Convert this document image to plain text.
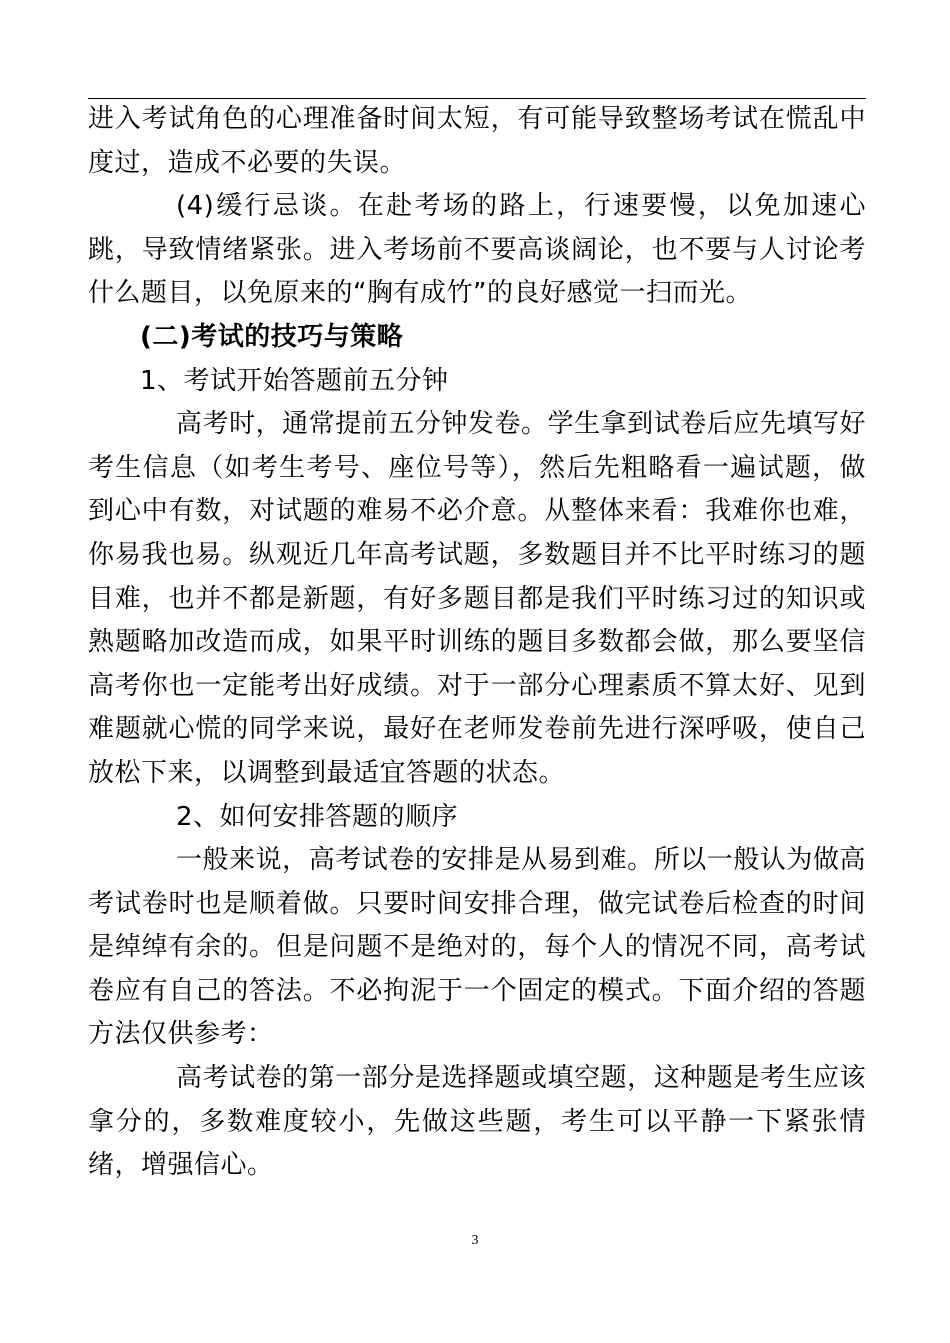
进入考试角色的心理准备时间太短，有可能导致整场考试在慌乱中度过，造成不必要的失误。

(4)缓行忌谈。在赴考场的路上，行速要慢，以免加速心跳，导致情绪紧张。进入考场前不要高谈阔论，也不要与人讨论考什么题目，以免原来的“胸有成竹”的良好感觉一扫而光。

(二)考试的技巧与策略

1、考试开始答题前五分钟

高考时，通常提前五分钟发卷。学生拿到试卷后应先填写好考生信息（如考生考号、座位号等），然后先粗略看一遍试题，做到心中有数，对试题的难易不必介意。从整体来看：我难你也难，你易我也易。纵观近几年高考试题，多数题目并不比平时练习的题目难，也并不都是新题，有好多题目都是我们平时练习过的知识或熟题略加改造而成，如果平时训练的题目多数都会做，那么要坚信高考你也一定能考出好成绩。对于一部分心理素质不算太好、见到难题就心慌的同学来说，最好在老师发卷前先进行深呼吸，使自己放松下来，以调整到最适宜答题的状态。

2、如何安排答题的顺序

一般来说，高考试卷的安排是从易到难。所以一般认为做高考试卷时也是顺着做。只要时间安排合理，做完试卷后检查的时间是绰绰有余的。但是问题不是绝对的，每个人的情况不同，高考试卷应有自己的答法。不必拘泥于一个固定的模式。下面介绍的答题方法仅供参考：

高考试卷的第一部分是选择题或填空题，这种题是考生应该拿分的，多数难度较小，先做这些题，考生可以平静一下紧张情绪，增强信心。

3
